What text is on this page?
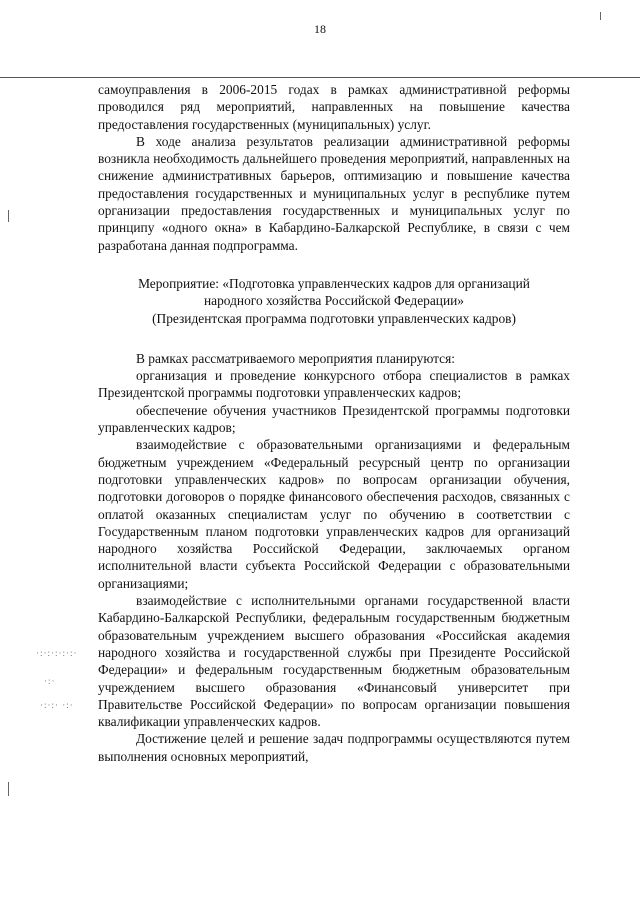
18
·:·:·:·:·:·
·:·
·:·:· ·:·

самоуправления в 2006-2015 годах в рамках административной реформы проводился ряд мероприятий, направленных на повышение качества предоставления государственных (муниципальных) услуг.

В ходе анализа результатов реализации административной реформы возникла необходимость дальнейшего проведения мероприятий, направленных на снижение административных барьеров, оптимизацию и повышение качества предоставления государственных и муниципальных услуг в республике путем организации предоставления государственных и муниципальных услуг по принципу «одного окна» в Кабардино-Балкарской Республике, в связи с чем разработана данная подпрограмма.

Мероприятие: «Подготовка управленческих кадров для организаций
народного хозяйства Российской Федерации»
(Президентская программа подготовки управленческих кадров)

В рамках рассматриваемого мероприятия планируются:

организация и проведение конкурсного отбора специалистов в рамках Президентской программы подготовки управленческих кадров;

обеспечение обучения участников Президентской программы подготовки управленческих кадров;

взаимодействие с образовательными организациями и федеральным бюджетным учреждением «Федеральный ресурсный центр по организации подготовки управленческих кадров» по вопросам организации обучения, подготовки договоров о порядке финансового обеспечения расходов, связанных с оплатой оказанных специалистам услуг по обучению в соответствии с Государственным планом подготовки управленческих кадров для организаций народного хозяйства Российской Федерации, заключаемых органом исполнительной власти субъекта Российской Федерации с образовательными организациями;

взаимодействие с исполнительными органами государственной власти Кабардино-Балкарской Республики, федеральным государственным бюджетным образовательным учреждением высшего образования «Российская академия народного хозяйства и государственной службы при Президенте Российской Федерации» и федеральным государственным бюджетным образовательным учреждением высшего образования «Финансовый университет при Правительстве Российской Федерации» по вопросам организации повышения квалификации управленческих кадров.

Достижение целей и решение задач подпрограммы осуществляются путем выполнения основных мероприятий,
